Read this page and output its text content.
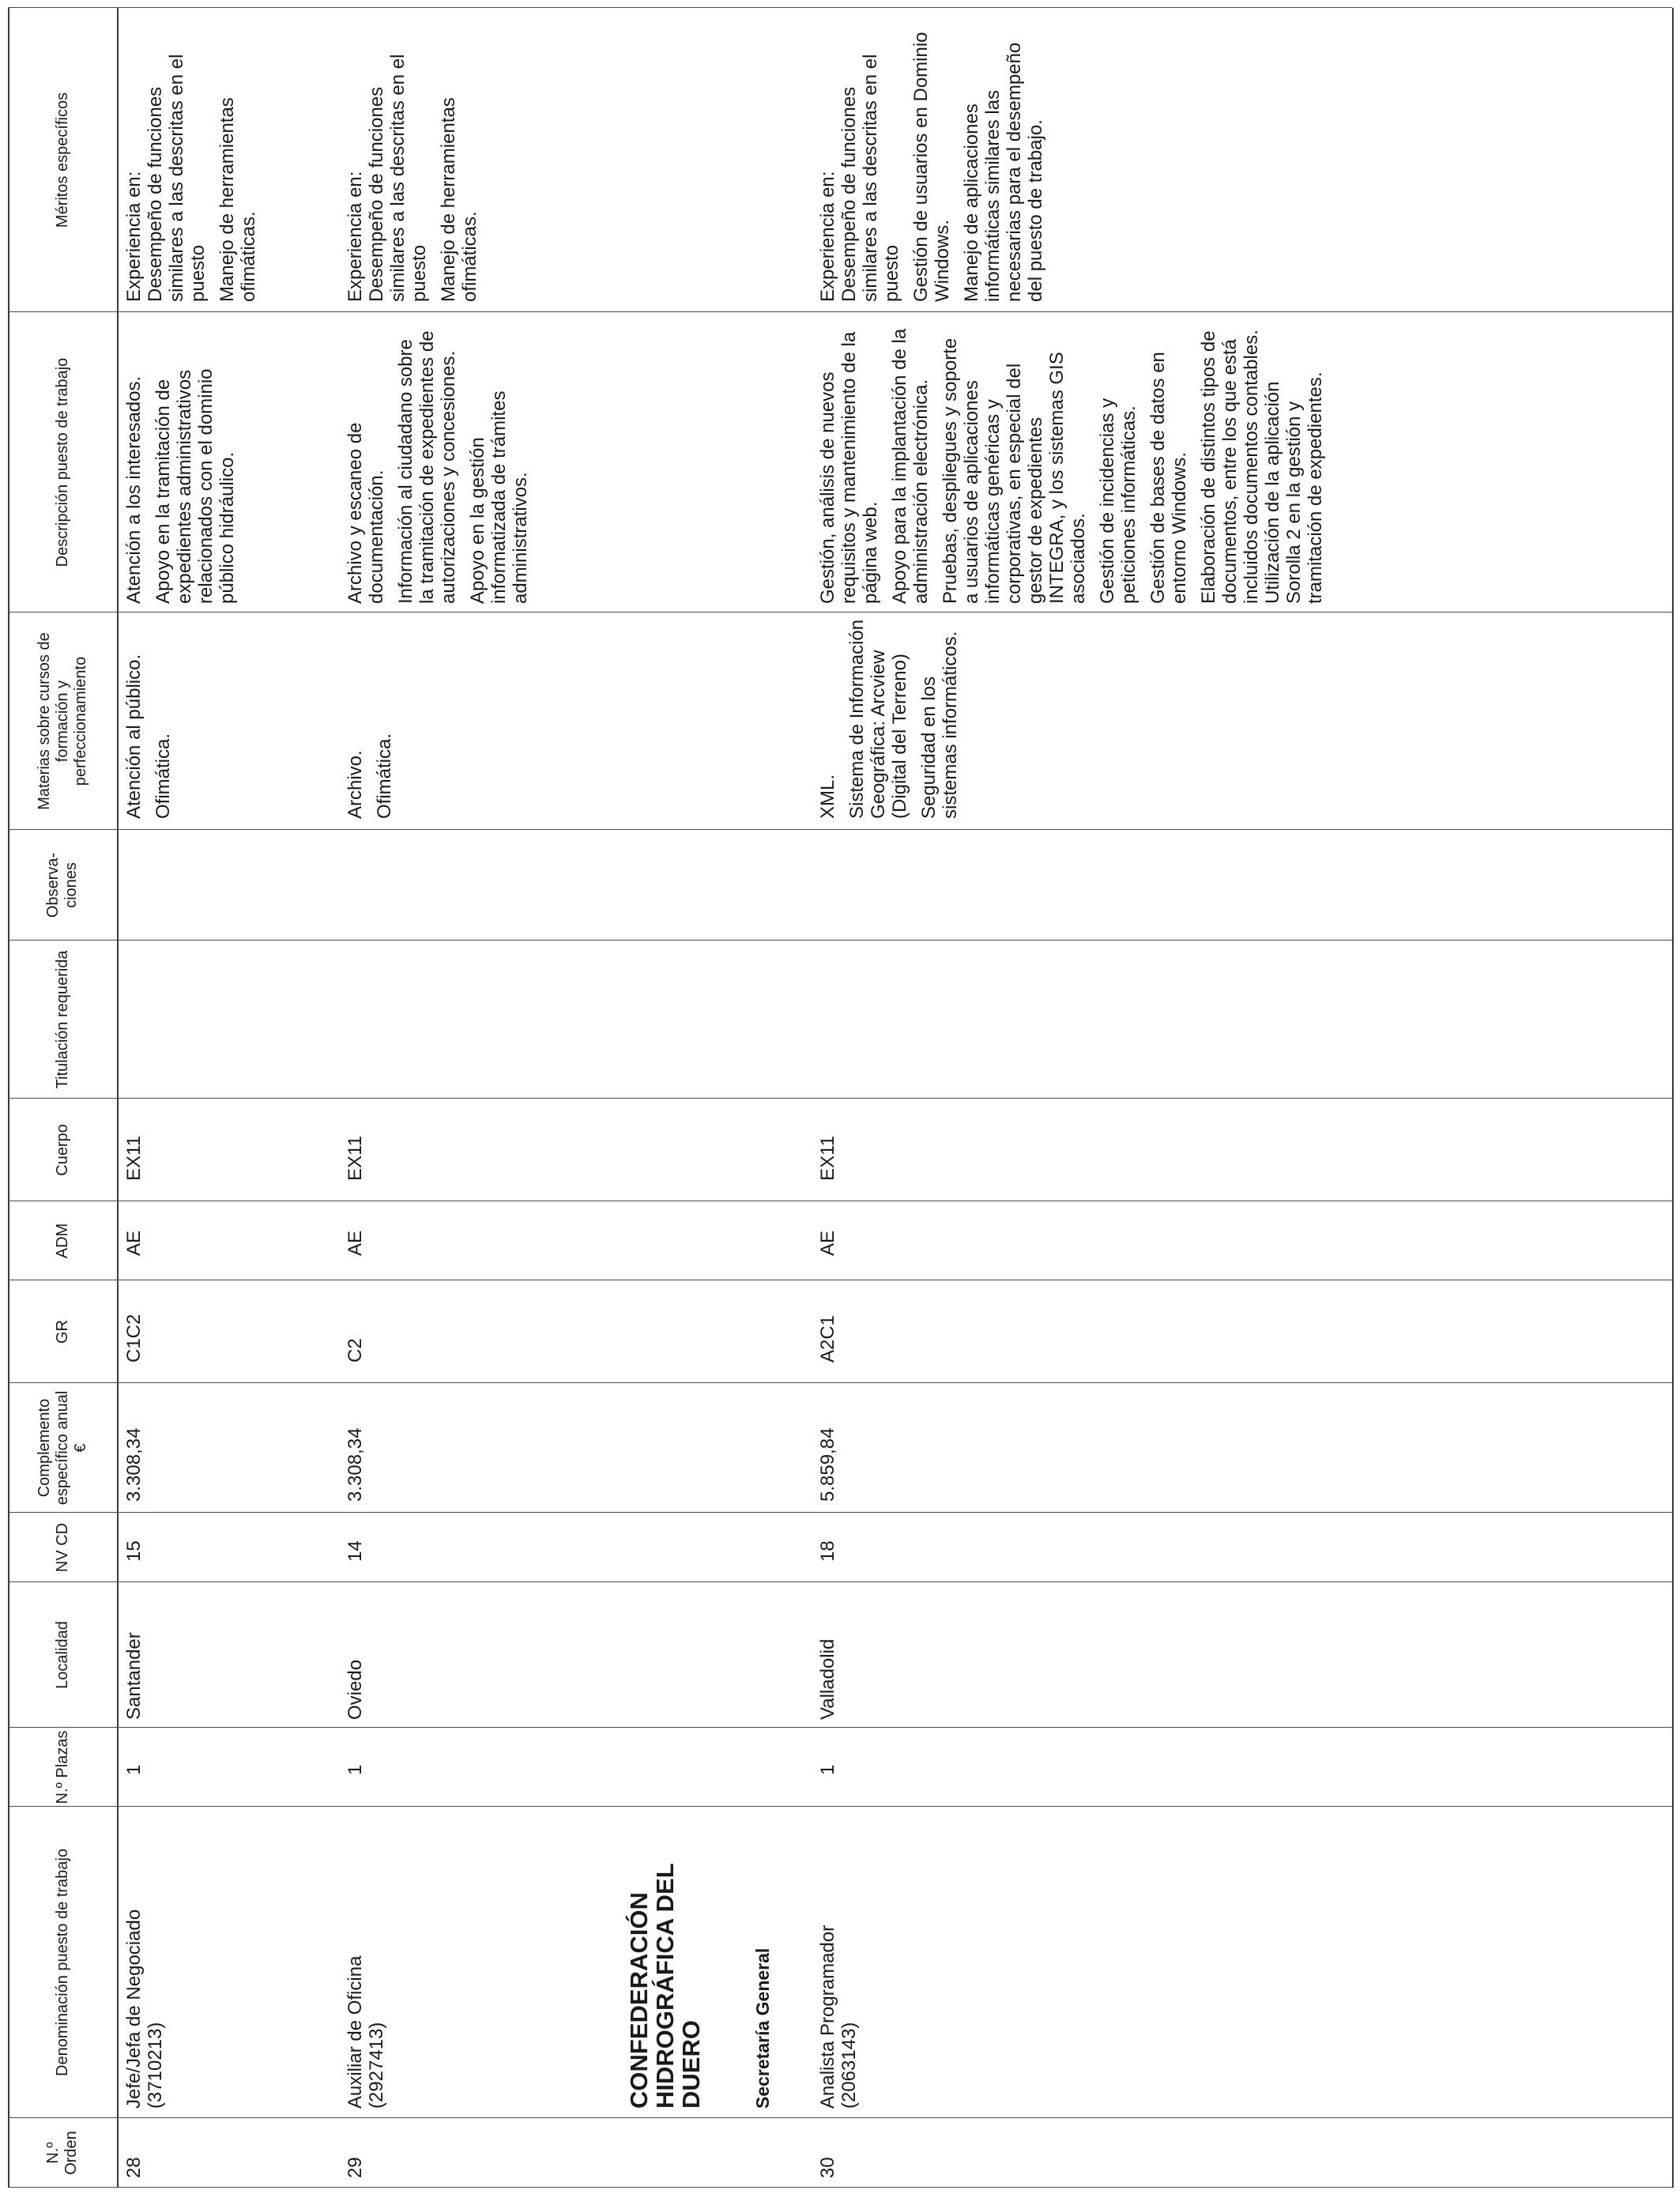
N.º Orden
Denominación puesto de trabajo
N.º Plazas
Localidad
NV CD
Complemento específico anual €
GR
ADM
Cuerpo
Titulación requerida
Observa- ciones
Materias sobre cursos de formación y perfeccionamiento
Descripción puesto de trabajo
Méritos específicos
28
Jefe/Jefa de Negociado (3710213)
1
Santander
15
3.308,34
C1C2
AE
EX11

Atención al público. Ofimática.

Atención a los interesados. Apoyo en la tramitación de expedientes administrativos relacionados con el dominio público hidráulico.

Experiencia en: Desempeño de funciones similares a las descritas en el puesto Manejo de herramientas ofimáticas.

29
Auxiliar de Oficina (2927413)
1
Oviedo
14
3.308,34
C2
AE
EX11

Archivo. Ofimática.

Archivo y escaneo de documentación. Información al ciudadano sobre la tramitación de expedientes de autorizaciones y concesiones. Apoyo en la gestión informatizada de trámites administrativos.

Experiencia en: Desempeño de funciones similares a las descritas en el puesto Manejo de herramientas ofimáticas.

CONFEDERACIÓN HIDROGRÁFICA DEL DUERO	Secretaría General
30
Analista Programador (2063143)
1
Valladolid
18
5.859,84
A2C1
AE
EX11

XML. Sistema de Información Geográfica: Arcview (Digital del Terreno) Seguridad en los sistemas informáticos.

Gestión, análisis de nuevos requisitos y mantenimiento de la página web. Apoyo para la implantación de la administración electrónica. Pruebas, despliegues y soporte a usuarios de aplicaciones informáticas genéricas y corporativas, en especial del gestor de expedientes INTEGRA, y los sistemas GIS asociados. Gestión de incidencias y peticiones informáticas. Gestión de bases de datos en entorno Windows. Elaboración de distintos tipos de documentos, entre los que está incluidos documentos contables. Utilización de la aplicación Sorolla 2 en la gestión y tramitación de expedientes.

Experiencia en: Desempeño de funciones similares a las descritas en el puesto Gestión de usuarios en Dominio Windows. Manejo de aplicaciones informáticas similares las necesarias para el desempeño del puesto de trabajo.
